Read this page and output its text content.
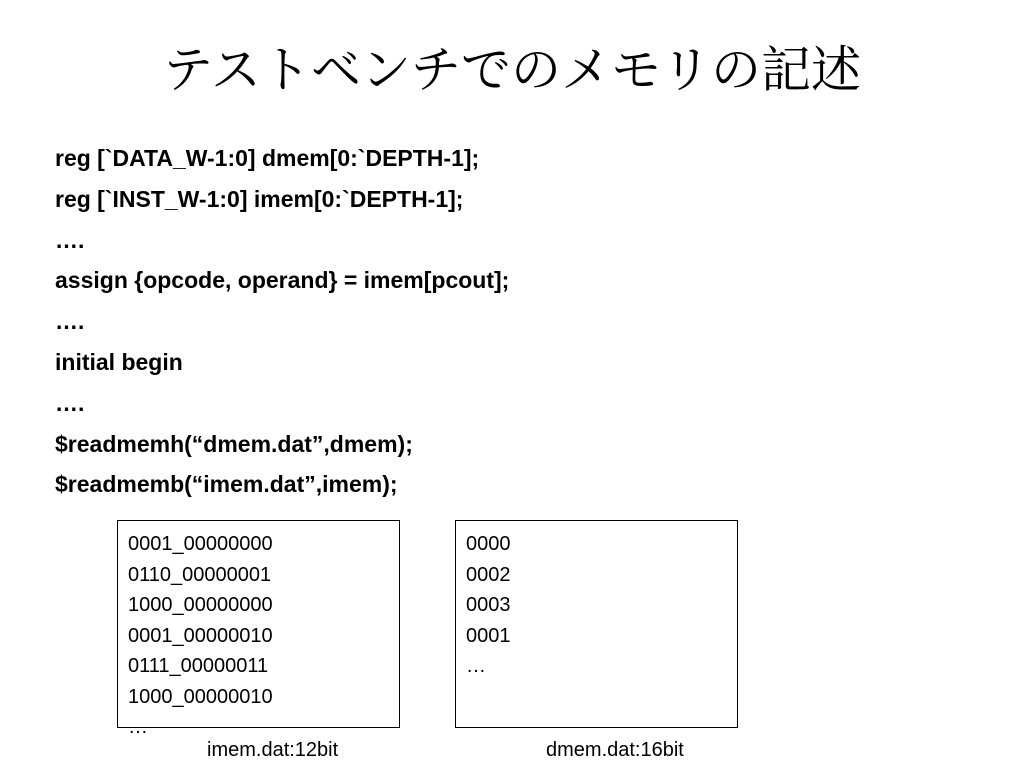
テストベンチでのメモリの記述
reg [`DATA_W-1:0] dmem[0:`DEPTH-1];
reg [`INST_W-1:0] imem[0:`DEPTH-1];
….
assign {opcode, operand} = imem[pcout];
….
initial begin
….
$readmemh(“dmem.dat”,dmem);
$readmemb(“imem.dat”,imem);
0001_00000000
0110_00000001
1000_00000000
0001_00000010
0111_00000011
1000_00000010
…
0000
0002
0003
0001
…
imem.dat:12bit	dmem.dat:16bit
